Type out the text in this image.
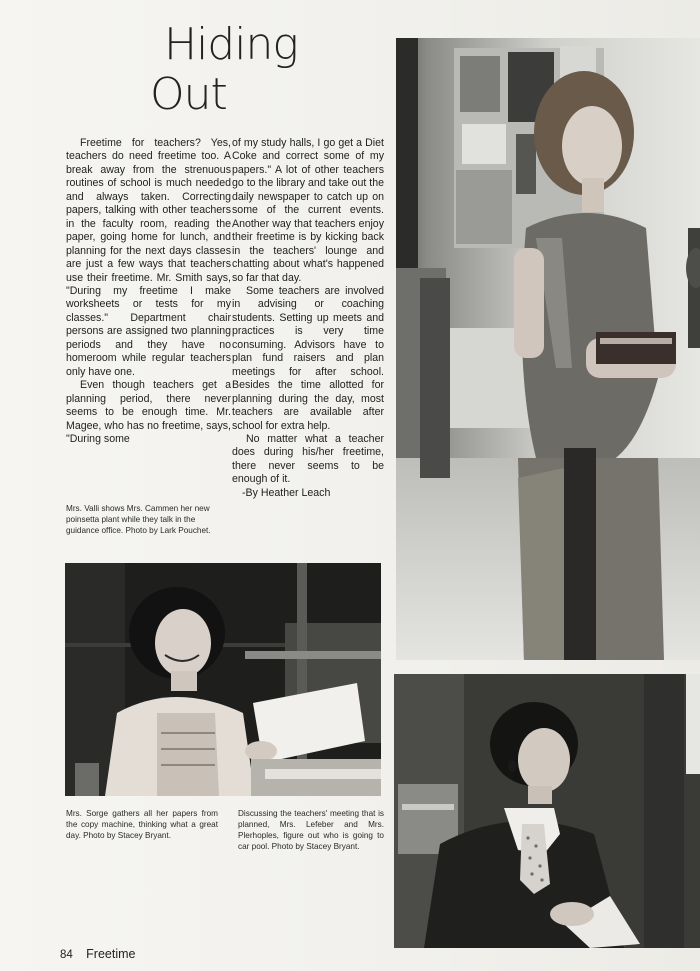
Hiding
Out

Freetime for teachers? Yes, teachers do need freetime too. A break away from the strenuous routines of school is much needed and always taken. Correcting papers, talking with other teachers in the faculty room, reading the paper, going home for lunch, and planning for the next days classes are just a few ways that teachers use their freetime. Mr. Smith says, "During my freetime I make worksheets or tests for my classes." Department chair persons are assigned two planning periods and they have no homeroom while regular teachers only have one.

Even though teachers get a planning period, there never seems to be enough time. Mr. Magee, who has no freetime, says, "During some

of my study halls, I go get a Diet Coke and correct some of my papers." A lot of other teachers go to the library and take out the daily newspaper to catch up on some of the current events. Another way that teachers enjoy their freetime is by kicking back in the teachers' lounge and chatting about what's happened so far that day.

Some teachers are involved in advising or coaching students. Setting up meets and practices is very time consuming. Advisors have to plan fund raisers and plan meetings for after school. Besides the time allotted for planning during the day, most teachers are available after school for extra help.

No matter what a teacher does during his/her freetime, there never seems to be enough of it.

-By Heather Leach

Mrs. Valli shows Mrs. Cammen her new poinsetta plant while they talk in the guidance office. Photo by Lark Pouchet.
Mrs. Sorge gathers all her papers from the copy machine, thinking what a great day. Photo by Stacey Bryant.
Discussing the teachers' meeting that is planned, Mrs. Lefeber and Mrs. Plerhoples, figure out who is going to car pool. Photo by Stacey Bryant.
84 Freetime
